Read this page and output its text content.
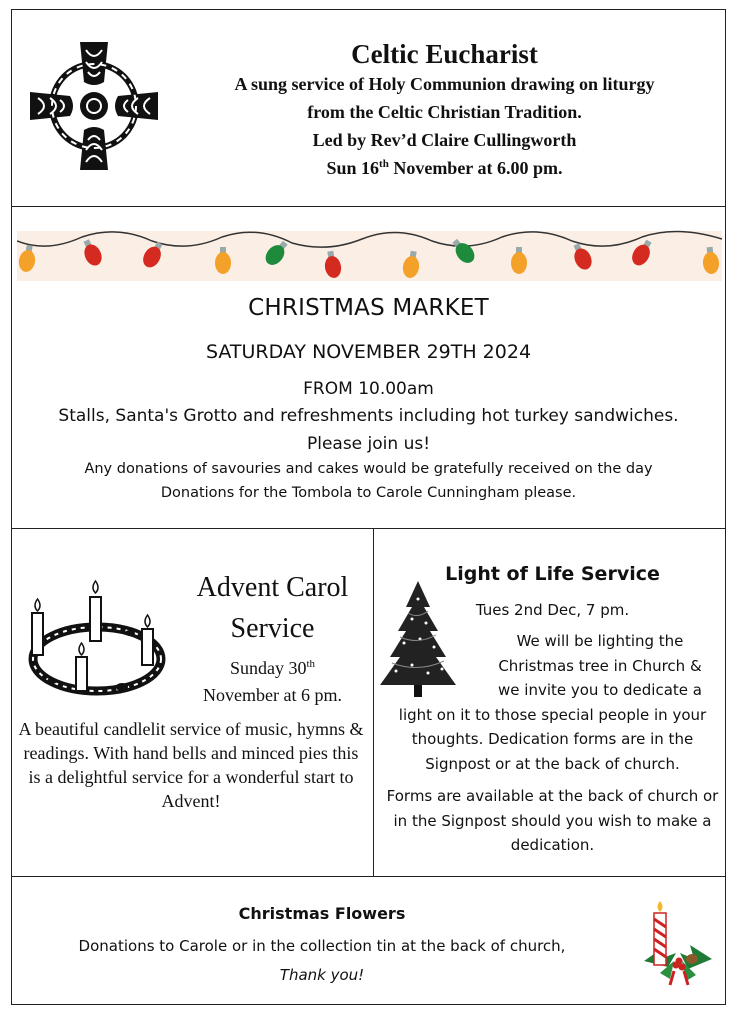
Celtic Eucharist
A sung service of Holy Communion drawing on liturgy
from the Celtic Christian Tradition.
Led by Rev’d Claire Cullingworth
Sun 16th November at 6.00 pm.
CHRISTMAS MARKET
SATURDAY NOVEMBER 29TH 2024
FROM 10.00am
Stalls, Santa's Grotto and refreshments including hot turkey sandwiches.
Please join us!
Any donations of savouries and cakes would be gratefully received on the day
Donations for the Tombola to Carole Cunningham please.
Advent Carol
Service
Sunday 30th
November at 6 pm.
A beautiful candlelit service of music, hymns & readings. With hand bells and minced pies this is a delightful service for a wonderful start to Advent!
Light of Life Service
Tues 2nd Dec, 7 pm.
We will be lighting the
Christmas tree in Church &
we invite you to dedicate a
light on it to those special people in your thoughts. Dedication forms are in the Signpost or at the back of church.
Forms are available at the back of church or in the Signpost should you wish to make a dedication.
Christmas Flowers
Donations to Carole or in the collection tin at the back of church,
Thank you!
